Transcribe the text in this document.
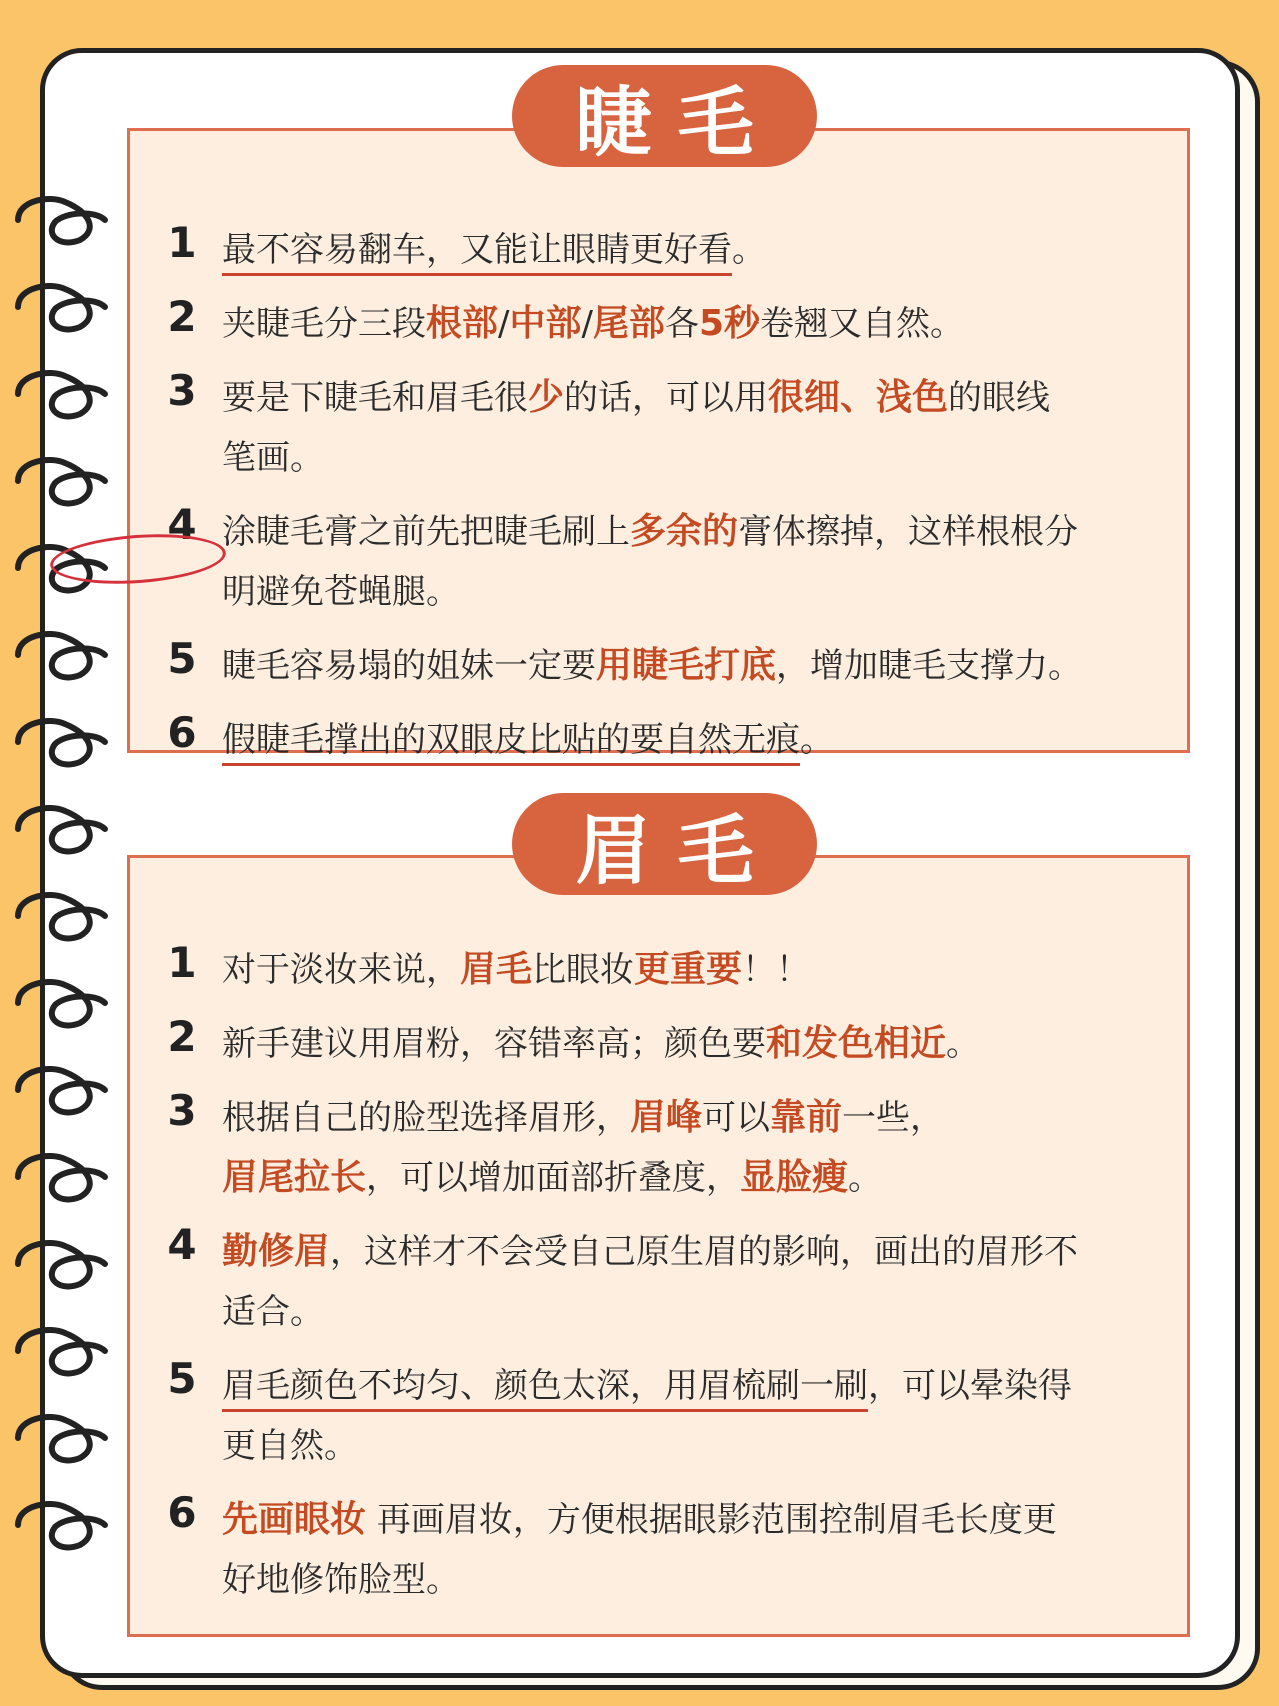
睫毛
1 最不容易翻车，又能让眼睛更好看。
2 夹睫毛分三段根部/中部/尾部各5秒卷翘又自然。
3 要是下睫毛和眉毛很少的话，可以用很细、浅色的眼线
笔画。
4 涂睫毛膏之前先把睫毛刷上多余的膏体擦掉，这样根根分
明避免苍蝇腿。
5 睫毛容易塌的姐妹一定要用睫毛打底，增加睫毛支撑力。
6 假睫毛撑出的双眼皮比贴的要自然无痕。
眉毛
1 对于淡妆来说，眉毛比眼妆更重要！！
2 新手建议用眉粉，容错率高；颜色要和发色相近。
3 根据自己的脸型选择眉形，眉峰可以靠前一些，
眉尾拉长，可以增加面部折叠度，显脸瘦。
4 勤修眉，这样才不会受自己原生眉的影响，画出的眉形不
适合。
5 眉毛颜色不均匀、颜色太深，用眉梳刷一刷，可以晕染得
更自然。
6 先画眼妆 再画眉妆，方便根据眼影范围控制眉毛长度更
好地修饰脸型。
